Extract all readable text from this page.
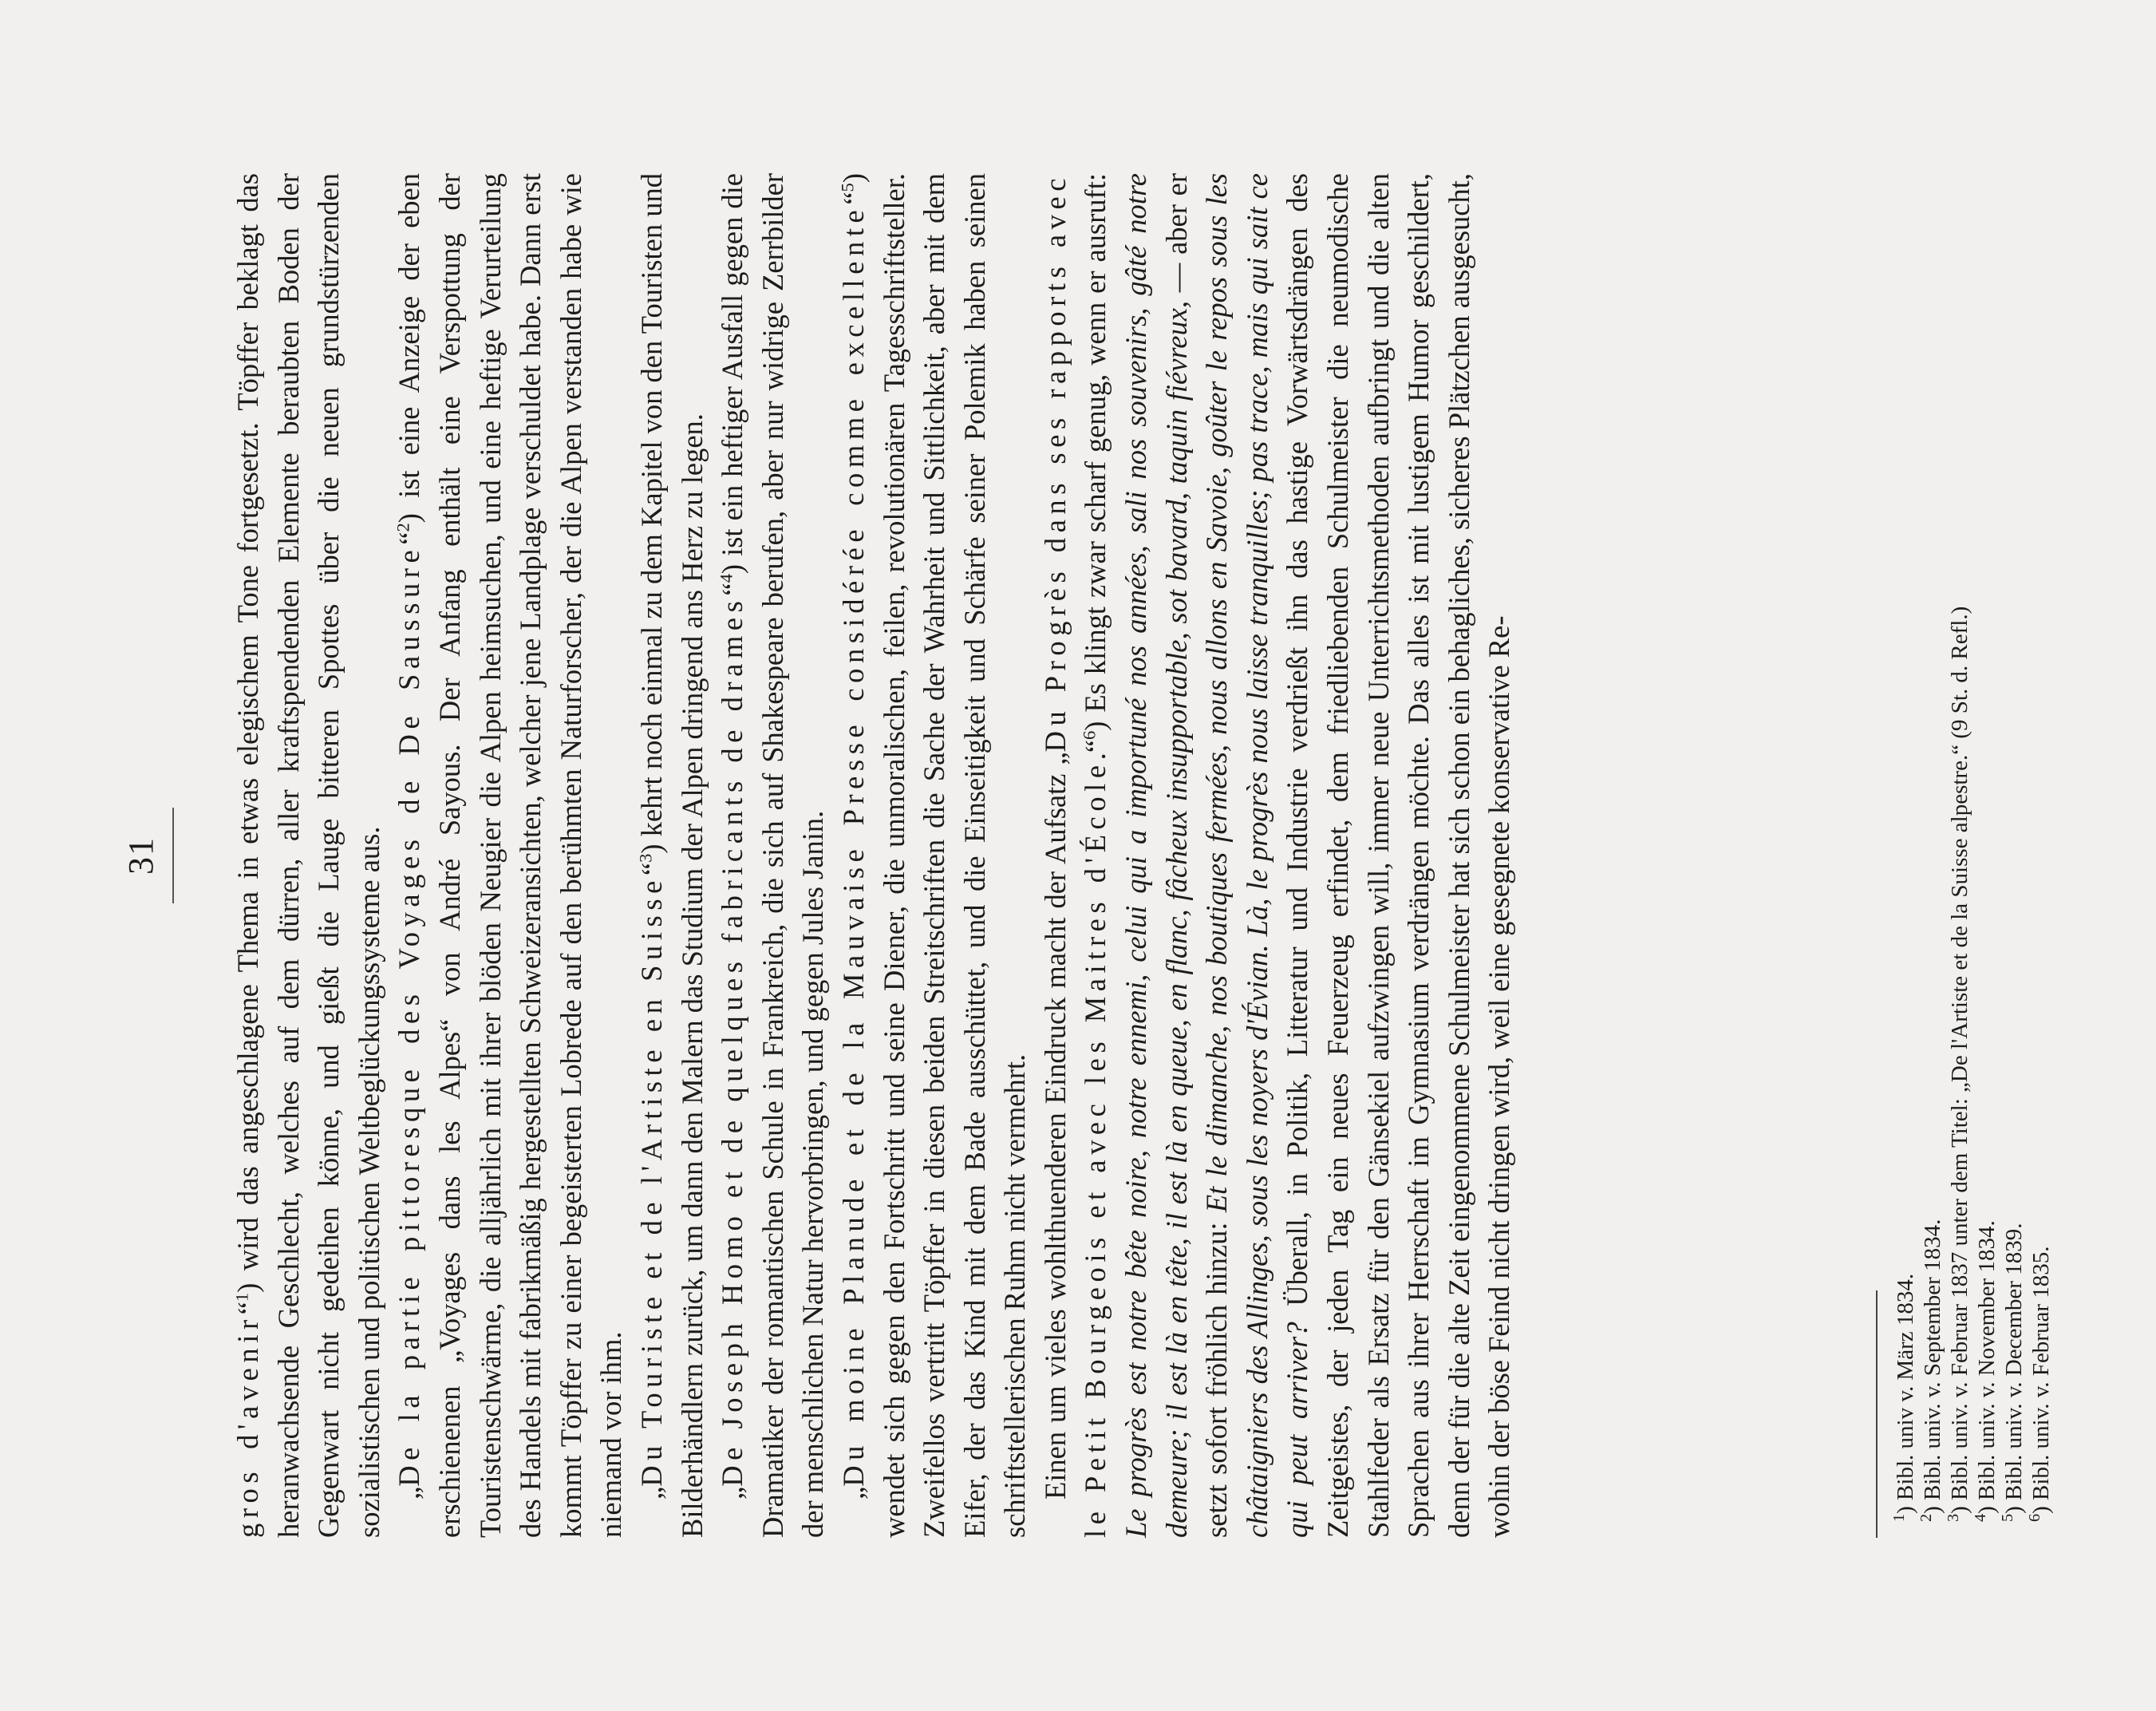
31

gros d'avenir“$^1$) wird das angeschlagene Thema in etwas elegischem Tone fortgesetzt. Töpffer beklagt das heranwachsende Geschlecht, welches auf dem dürren, aller kraftspendenden Elemente beraubten Boden der Gegenwart nicht gedeihen könne, und gießt die Lauge bitteren Spottes über die neuen grundstürzenden sozialistischen und politischen Weltbeglückungssysteme aus. „De la partie pittoresque des Voyages de De Saussure“$^2$) ist eine Anzeige der eben erschienenen „Voyages dans les Alpes“ von André Sayous. Der Anfang enthält eine Verspottung der Touristenschwärme, die alljährlich mit ihrer blöden Neugier die Alpen heimsuchen, und eine heftige Verurteilung des Handels mit fabrikmäßig hergestellten Schweizeransichten, welcher jene Landplage verschuldet habe. Dann erst kommt Töpffer zu einer begeisterten Lobrede auf den berühmten Naturforscher, der die Alpen verstanden habe wie niemand vor ihm. „Du Touriste et de l'Artiste en Suisse“$^3$) kehrt noch einmal zu dem Kapitel von den Touristen und Bilderhändlern zurück, um dann den Malern das Studium der Alpen dringend ans Herz zu legen. „De Joseph Homo et de quelques fabricants de drames“$^4$) ist ein heftiger Ausfall gegen die Dramatiker der romantischen Schule in Frankreich, die sich auf Shakespeare berufen, aber nur widrige Zerrbilder der menschlichen Natur hervorbringen, und gegen Jules Janin. „Du moine Planude et de la Mauvaise Presse considérée comme excellente“$^5$) wendet sich gegen den Fortschritt und seine Diener, die unmoralischen, feilen, revolutionären Tagesschriftsteller. Zweifellos vertritt Töpffer in diesen beiden Streitschriften die Sache der Wahrheit und Sittlichkeit, aber mit dem Eifer, der das Kind mit dem Bade ausschüttet, und die Einseitigkeit und Schärfe seiner Polemik haben seinen schriftstellerischen Ruhm nicht vermehrt. Einen um vieles wohlthuenderen Eindruck macht der Aufsatz „Du Progrès dans ses rapports avec le Petit Bourgeois et avec les Maitres d'École.“$^6$) Es klingt zwar scharf genug, wenn er ausruft: Le progrès est notre bête noire, notre ennemi, celui qui a importuné nos années, sali nos souvenirs, gâté notre demeure; il est là en tête, il est là en queue, en flanc, fâcheux insupportable, sot bavard, taquin fiévreux, — aber er setzt sofort fröhlich hinzu: Et le dimanche, nos boutiques fermées, nous allons en Savoie, goûter le repos sous les châtaigniers des Allinges, sous les noyers d'Évian. Là, le progrès nous laisse tranquilles; pas trace, mais qui sait ce qui peut arriver? Überall, in Politik, Litteratur und Industrie verdrießt ihn das hastige Vorwärtsdrängen des Zeitgeistes, der jeden Tag ein neues Feuerzeug erfindet, dem friedliebenden Schulmeister die neumodische Stahlfeder als Ersatz für den Gänsekiel aufzwingen will, immer neue Unterrichtsmethoden aufbringt und die alten Sprachen aus ihrer Herrschaft im Gymnasium verdrängen möchte. Das alles ist mit lustigem Humor geschildert, denn der für die alte Zeit eingenommene Schulmeister hat sich schon ein behagliches, sicheres Plätzchen ausgesucht, wohin der böse Feind nicht dringen wird, weil eine gesegnete konservative Re-	$^1$) Bibl. univ v. März 1834.
$^2$) Bibl. univ. v. September 1834.
$^3$) Bibl. univ. v. Februar 1837 unter dem Titel: „De l'Artiste et de la Suisse alpestre.“ (9 St. d. Refl.)
$^4$) Bibl. univ. v. November 1834.
$^5$) Bibl. univ. v. December 1839.
$^6$) Bibl. univ. v. Februar 1835.
